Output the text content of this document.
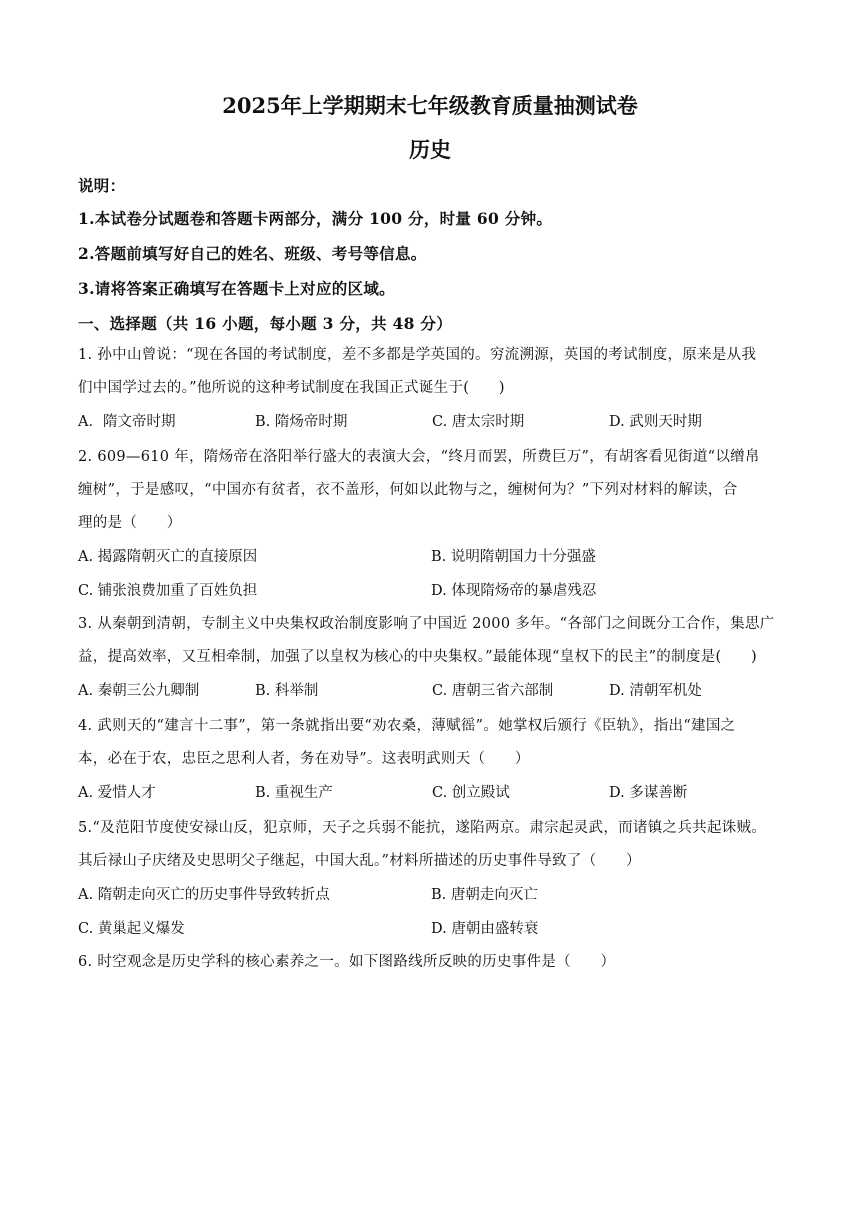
2025年上学期期末七年级教育质量抽测试卷
历史

说明：

1.本试卷分试题卷和答题卡两部分，满分 100 分，时量 60 分钟。

2.答题前填写好自己的姓名、班级、考号等信息。

3.请将答案正确填写在答题卡上对应的区域。

一、选择题（共 16 小题，每小题 3 分，共 48 分）

1. 孙中山曾说：“现在各国的考试制度，差不多都是学英国的。穷流溯源，英国的考试制度，原来是从我

们中国学过去的。”他所说的这种考试制度在我国正式诞生于(　　)

A．隋文帝时期	B. 隋炀帝时期	C. 唐太宗时期	D. 武则天时期

2. 609—610 年，隋炀帝在洛阳举行盛大的表演大会，“终月而罢，所费巨万”，有胡客看见街道“以缯帛

缠树”，于是感叹，“中国亦有贫者，衣不盖形，何如以此物与之，缠树何为？”下列对材料的解读，合

理的是（　　）

A. 揭露隋朝灭亡的直接原因	B. 说明隋朝国力十分强盛
C. 铺张浪费加重了百姓负担	D. 体现隋炀帝的暴虐残忍

3. 从秦朝到清朝，专制主义中央集权政治制度影响了中国近 2000 多年。“各部门之间既分工合作，集思广

益，提高效率，又互相牵制，加强了以皇权为核心的中央集权。”最能体现“皇权下的民主”的制度是(　　)

A. 秦朝三公九卿制	B. 科举制	C. 唐朝三省六部制	D. 清朝军机处

4. 武则天的“建言十二事”，第一条就指出要“劝农桑，薄赋徭”。她掌权后颁行《臣轨》，指出“建国之

本，必在于农，忠臣之思利人者，务在劝导”。这表明武则天（　　）

A. 爱惜人才	B. 重视生产	C. 创立殿试	D. 多谋善断

5.“及范阳节度使安禄山反，犯京师，天子之兵弱不能抗，遂陷两京。肃宗起灵武，而诸镇之兵共起诛贼。

其后禄山子庆绪及史思明父子继起，中国大乱。”材料所描述的历史事件导致了（　　）

A. 隋朝走向灭亡的历史事件导致转折点	B. 唐朝走向灭亡
C. 黄巢起义爆发	D. 唐朝由盛转衰

6. 时空观念是历史学科的核心素养之一。如下图路线所反映的历史事件是（　　）
